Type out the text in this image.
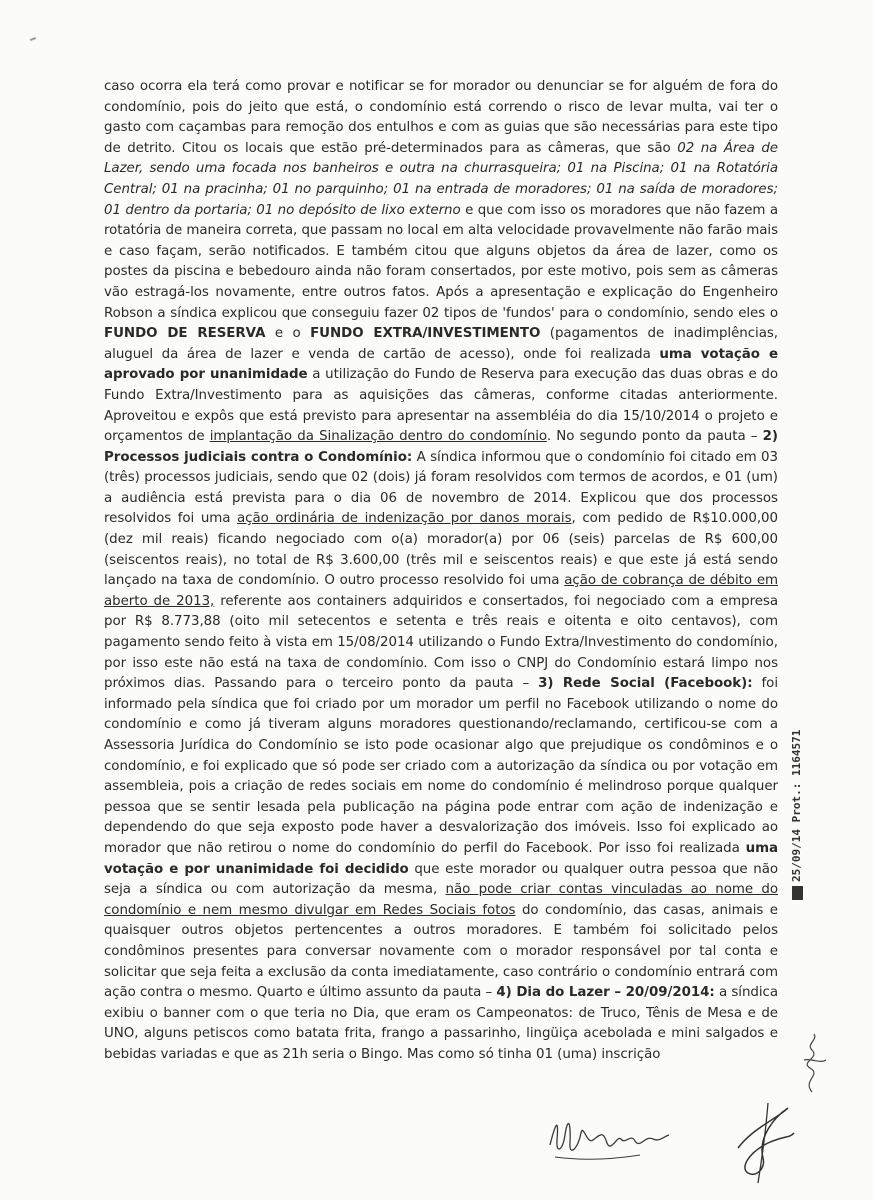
caso ocorra ela terá como provar e notificar se for morador ou denunciar se for alguém de fora do condomínio, pois do jeito que está, o condomínio está correndo o risco de levar multa, vai ter o gasto com caçambas para remoção dos entulhos e com as guias que são necessárias para este tipo de detrito. Citou os locais que estão pré-determinados para as câmeras, que são 02 na Área de Lazer, sendo uma focada nos banheiros e outra na churrasqueira; 01 na Piscina; 01 na Rotatória Central; 01 na pracinha; 01 no parquinho; 01 na entrada de moradores; 01 na saída de moradores; 01 dentro da portaria; 01 no depósito de lixo externo e que com isso os moradores que não fazem a rotatória de maneira correta, que passam no local em alta velocidade provavelmente não farão mais e caso façam, serão notificados. E também citou que alguns objetos da área de lazer, como os postes da piscina e bebedouro ainda não foram consertados, por este motivo, pois sem as câmeras vão estragá-los novamente, entre outros fatos. Após a apresentação e explicação do Engenheiro Robson a síndica explicou que conseguiu fazer 02 tipos de 'fundos' para o condomínio, sendo eles o FUNDO DE RESERVA e o FUNDO EXTRA/INVESTIMENTO (pagamentos de inadimplências, aluguel da área de lazer e venda de cartão de acesso), onde foi realizada uma votação e aprovado por unanimidade a utilização do Fundo de Reserva para execução das duas obras e do Fundo Extra/Investimento para as aquisições das câmeras, conforme citadas anteriormente. Aproveitou e expôs que está previsto para apresentar na assembléia do dia 15/10/2014 o projeto e orçamentos de implantação da Sinalização dentro do condomínio. No segundo ponto da pauta – 2) Processos judiciais contra o Condomínio: A síndica informou que o condomínio foi citado em 03 (três) processos judiciais, sendo que 02 (dois) já foram resolvidos com termos de acordos, e 01 (um) a audiência está prevista para o dia 06 de novembro de 2014. Explicou que dos processos resolvidos foi uma ação ordinária de indenização por danos morais, com pedido de R$10.000,00 (dez mil reais) ficando negociado com o(a) morador(a) por 06 (seis) parcelas de R$ 600,00 (seiscentos reais), no total de R$ 3.600,00 (três mil e seiscentos reais) e que este já está sendo lançado na taxa de condomínio. O outro processo resolvido foi uma ação de cobrança de débito em aberto de 2013, referente aos containers adquiridos e consertados, foi negociado com a empresa por R$ 8.773,88 (oito mil setecentos e setenta e três reais e oitenta e oito centavos), com pagamento sendo feito à vista em 15/08/2014 utilizando o Fundo Extra/Investimento do condomínio, por isso este não está na taxa de condomínio. Com isso o CNPJ do Condomínio estará limpo nos próximos dias. Passando para o terceiro ponto da pauta – 3) Rede Social (Facebook): foi informado pela síndica que foi criado por um morador um perfil no Facebook utilizando o nome do condomínio e como já tiveram alguns moradores questionando/reclamando, certificou-se com a Assessoria Jurídica do Condomínio se isto pode ocasionar algo que prejudique os condôminos e o condomínio, e foi explicado que só pode ser criado com a autorização da síndica ou por votação em assembleia, pois a criação de redes sociais em nome do condomínio é melindroso porque qualquer pessoa que se sentir lesada pela publicação na página pode entrar com ação de indenização e dependendo do que seja exposto pode haver a desvalorização dos imóveis. Isso foi explicado ao morador que não retirou o nome do condomínio do perfil do Facebook. Por isso foi realizada uma votação e por unanimidade foi decidido que este morador ou qualquer outra pessoa que não seja a síndica ou com autorização da mesma, não pode criar contas vinculadas ao nome do condomínio e nem mesmo divulgar em Redes Sociais fotos do condomínio, das casas, animais e quaisquer outros objetos pertencentes a outros moradores. E também foi solicitado pelos condôminos presentes para conversar novamente com o morador responsável por tal conta e solicitar que seja feita a exclusão da conta imediatamente, caso contrário o condomínio entrará com ação contra o mesmo. Quarto e último assunto da pauta – 4) Dia do Lazer – 20/09/2014: a síndica exibiu o banner com o que teria no Dia, que eram os Campeonatos: de Truco, Tênis de Mesa e de UNO, alguns petiscos como batata frita, frango a passarinho, lingüiça acebolada e mini salgados e bebidas variadas e que as 21h seria o Bingo. Mas como só tinha 01 (uma) inscrição

25/09/14 Prot.: 1164571
